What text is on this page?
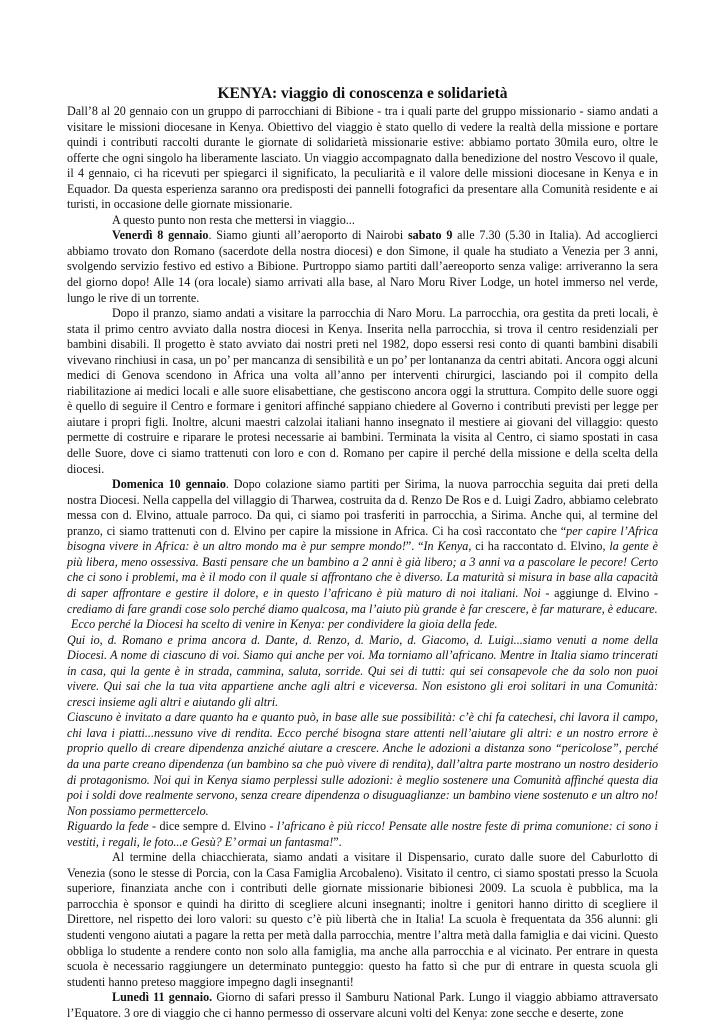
KENYA: viaggio di conoscenza e solidarietà

Dall’8 al 20 gennaio con un gruppo di parrocchiani di Bibione - tra i quali parte del gruppo missionario - siamo andati a visitare le missioni diocesane in Kenya. Obiettivo del viaggio è stato quello di vedere la realtà della missione e portare quindi i contributi raccolti durante le giornate di solidarietà missionarie estive: abbiamo portato 30mila euro, oltre le offerte che ogni singolo ha liberamente lasciato. Un viaggio accompagnato dalla benedizione del nostro Vescovo il quale, il 4 gennaio, ci ha ricevuti per spiegarci il significato, la peculiarità e il valore delle missioni diocesane in Kenya e in Equador. Da questa esperienza saranno ora predisposti dei pannelli fotografici da presentare alla Comunità residente e ai turisti, in occasione delle giornate missionarie.

A questo punto non resta che mettersi in viaggio...

Venerdì 8 gennaio. Siamo giunti all’aeroporto di Nairobi sabato 9 alle 7.30 (5.30 in Italia). Ad accoglierci abbiamo trovato don Romano (sacerdote della nostra diocesi) e don Simone, il quale ha studiato a Venezia per 3 anni, svolgendo servizio festivo ed estivo a Bibione. Purtroppo siamo partiti dall’aereoporto senza valige: arriveranno la sera del giorno dopo! Alle 14 (ora locale) siamo arrivati alla base, al Naro Moru River Lodge, un hotel immerso nel verde, lungo le rive di un torrente.

Dopo il pranzo, siamo andati a visitare la parrocchia di Naro Moru. La parrocchia, ora gestita da preti locali, è stata il primo centro avviato dalla nostra diocesi in Kenya. Inserita nella parrocchia, si trova il centro residenziali per bambini disabili. Il progetto è stato avviato dai nostri preti nel 1982, dopo essersi resi conto di quanti bambini disabili vivevano rinchiusi in casa, un po’ per mancanza di sensibilità e un po’ per lontananza da centri abitati. Ancora oggi alcuni medici di Genova scendono in Africa una volta all’anno per interventi chirurgici, lasciando poi il compito della riabilitazione ai medici locali e alle suore elisabettiane, che gestiscono ancora oggi la struttura. Compito delle suore oggi è quello di seguire il Centro e formare i genitori affinché sappiano chiedere al Governo i contributi previsti per legge per aiutare i propri figli. Inoltre, alcuni maestri calzolai italiani hanno insegnato il mestiere ai giovani del villaggio: questo permette di costruire e riparare le protesi necessarie ai bambini. Terminata la visita al Centro, ci siamo spostati in casa delle Suore, dove ci siamo trattenuti con loro e con d. Romano per capire il perché della missione e della scelta della diocesi.

Domenica 10 gennaio. Dopo colazione siamo partiti per Sirima, la nuova parrocchia seguita dai preti della nostra Diocesi. Nella cappella del villaggio di Tharwea, costruita da d. Renzo De Ros e d. Luigi Zadro, abbiamo celebrato messa con d. Elvino, attuale parroco. Da qui, ci siamo poi trasferiti in parrocchia, a Sirima. Anche qui, al termine del pranzo, ci siamo trattenuti con d. Elvino per capire la missione in Africa. Ci ha così raccontato che “per capire l’Africa bisogna vivere in Africa: è un altro mondo ma è pur sempre mondo!”. “In Kenya, ci ha raccontato d. Elvino, la gente è più libera, meno ossessiva. Basti pensare che un bambino a 2 anni è già libero; a 3 anni va a pascolare le pecore! Certo che ci sono i problemi, ma è il modo con il quale si affrontano che è diverso. La maturità si misura in base alla capacità di saper affrontare e gestire il dolore, e in questo l’africano è più maturo di noi italiani. Noi - aggiunge d. Elvino - crediamo di fare grandi cose solo perché diamo qualcosa, ma l’aiuto più grande è far crescere, è far maturare, è educare.

Ecco perché la Diocesi ha scelto di venire in Kenya: per condividere la gioia della fede.

Qui io, d. Romano e prima ancora d. Dante, d. Renzo, d. Mario, d. Giacomo, d. Luigi...siamo venuti a nome della Diocesi. A nome di ciascuno di voi. Siamo qui anche per voi. Ma torniamo all’africano. Mentre in Italia siamo trincerati in casa, qui la gente è in strada, cammina, saluta, sorride. Qui sei di tutti: qui sei consapevole che da solo non puoi vivere. Qui sai che la tua vita appartiene anche agli altri e viceversa. Non esistono gli eroi solitari in una Comunità: cresci insieme agli altri e aiutando gli altri.

Ciascuno è invitato a dare quanto ha e quanto può, in base alle sue possibilità: c’è chi fa catechesi, chi lavora il campo, chi lava i piatti...nessuno vive di rendita. Ecco perché bisogna stare attenti nell’aiutare gli altri: e un nostro errore è proprio quello di creare dipendenza anziché aiutare a crescere. Anche le adozioni a distanza sono “pericolose”, perché da una parte creano dipendenza (un bambino sa che può vivere di rendita), dall’altra parte mostrano un nostro desiderio di protagonismo. Noi qui in Kenya siamo perplessi sulle adozioni: è meglio sostenere una Comunità affinché questa dia poi i soldi dove realmente servono, senza creare dipendenza o disuguaglianze: un bambino viene sostenuto e un altro no! Non possiamo permettercelo.

Riguardo la fede - dice sempre d. Elvino - l’africano è più ricco! Pensate alle nostre feste di prima comunione: ci sono i vestiti, i regali, le foto...e Gesù? E’ ormai un fantasma!”.

Al termine della chiacchierata, siamo andati a visitare il Dispensario, curato dalle suore del Caburlotto di Venezia (sono le stesse di Porcia, con la Casa Famiglia Arcobaleno). Visitato il centro, ci siamo spostati presso la Scuola superiore, finanziata anche con i contributi delle giornate missionarie bibionesi 2009. La scuola è pubblica, ma la parrocchia è sponsor e quindi ha diritto di scegliere alcuni insegnanti; inoltre i genitori hanno diritto di scegliere il Direttore, nel rispetto dei loro valori: su questo c’è più libertà che in Italia! La scuola è frequentata da 356 alunni: gli studenti vengono aiutati a pagare la retta per metà dalla parrocchia, mentre l’altra metà dalla famiglia e dai vicini. Questo obbliga lo studente a rendere conto non solo alla famiglia, ma anche alla parrocchia e al vicinato. Per entrare in questa scuola è necessario raggiungere un determinato punteggio: questo ha fatto sì che pur di entrare in questa scuola gli studenti hanno preteso maggiore impegno dagli insegnanti!

Lunedì 11 gennaio. Giorno di safari presso il Samburu National Park. Lungo il viaggio abbiamo attraversato l’Equatore. 3 ore di viaggio che ci hanno permesso di osservare alcuni volti del Kenya: zone secche e deserte, zone
